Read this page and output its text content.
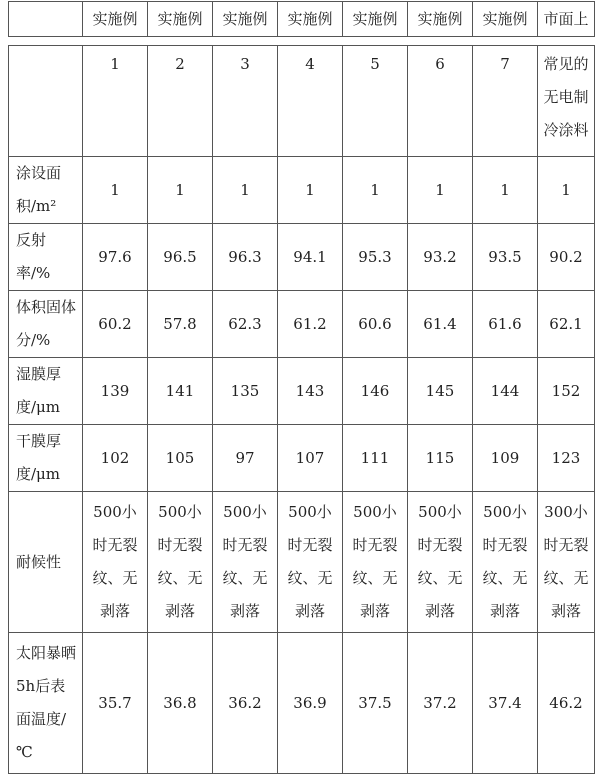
	实施例	实施例	实施例	实施例	实施例	实施例	实施例	市面上
	1	2	3	4	5	6	7	常见的无电制冷涂料
涂设面积/m²	1	1	1	1	1	1	1	1
反射率/%	97.6	96.5	96.3	94.1	95.3	93.2	93.5	90.2
体积固体分/%	60.2	57.8	62.3	61.2	60.6	61.4	61.6	62.1
湿膜厚度/μm	139	141	135	143	146	145	144	152
干膜厚度/μm	102	105	97	107	111	115	109	123
耐候性	500小时无裂纹、无剥落	500小时无裂纹、无剥落	500小时无裂纹、无剥落	500小时无裂纹、无剥落	500小时无裂纹、无剥落	500小时无裂纹、无剥落	500小时无裂纹、无剥落	300小时无裂纹、无剥落
太阳暴晒5h后表面温度/℃	35.7	36.8	36.2	36.9	37.5	37.2	37.4	46.2
